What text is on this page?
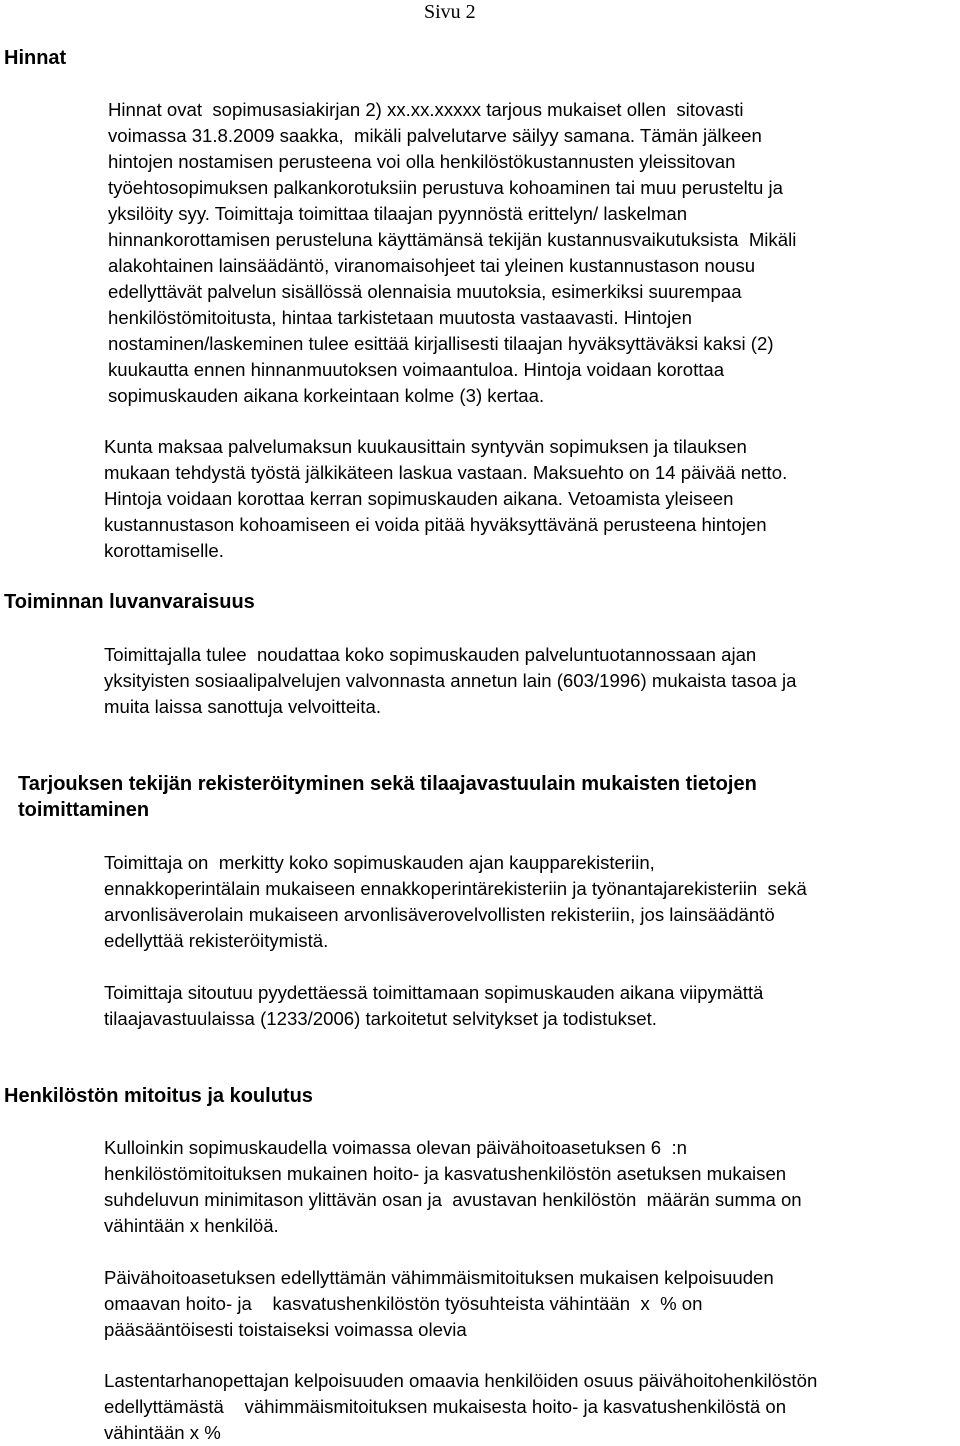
Sivu 2
Hinnat
Hinnat ovat  sopimusasiakirjan 2) xx.xx.xxxxx tarjous mukaiset ollen  sitovasti
voimassa 31.8.2009 saakka,  mikäli palvelutarve säilyy samana. Tämän jälkeen
hintojen nostamisen perusteena voi olla henkilöstökustannusten yleissitovan
työehtosopimuksen palkankorotuksiin perustuva kohoaminen tai muu perusteltu ja
yksilöity syy. Toimittaja toimittaa tilaajan pyynnöstä erittelyn/ laskelman
hinnankorottamisen perusteluna käyttämänsä tekijän kustannusvaikutuksista  Mikäli
alakohtainen lainsäädäntö, viranomaisohjeet tai yleinen kustannustason nousu
edellyttävät palvelun sisällössä olennaisia muutoksia, esimerkiksi suurempaa
henkilöstömitoitusta, hintaa tarkistetaan muutosta vastaavasti. Hintojen
nostaminen/laskeminen tulee esittää kirjallisesti tilaajan hyväksyttäväksi kaksi (2)
kuukautta ennen hinnanmuutoksen voimaantuloa. Hintoja voidaan korottaa
sopimuskauden aikana korkeintaan kolme (3) kertaa.
Kunta maksaa palvelumaksun kuukausittain syntyvän sopimuksen ja tilauksen
mukaan tehdystä työstä jälkikäteen laskua vastaan. Maksuehto on 14 päivää netto.
Hintoja voidaan korottaa kerran sopimuskauden aikana. Vetoamista yleiseen
kustannustason kohoamiseen ei voida pitää hyväksyttävänä perusteena hintojen
korottamiselle.
Toiminnan luvanvaraisuus
Toimittajalla tulee  noudattaa koko sopimuskauden palveluntuotannossaan ajan
yksityisten sosiaalipalvelujen valvonnasta annetun lain (603/1996) mukaista tasoa ja
muita laissa sanottuja velvoitteita.
Tarjouksen tekijän rekisteröityminen sekä tilaajavastuulain mukaisten tietojen
toimittaminen
Toimittaja on  merkitty koko sopimuskauden ajan kaupparekisteriin,
ennakkoperintälain mukaiseen ennakkoperintärekisteriin ja työnantajarekisteriin  sekä
arvonlisäverolain mukaiseen arvonlisäverovelvollisten rekisteriin, jos lainsäädäntö
edellyttää rekisteröitymistä.
Toimittaja sitoutuu pyydettäessä toimittamaan sopimuskauden aikana viipymättä
tilaajavastuulaissa (1233/2006) tarkoitetut selvitykset ja todistukset.
Henkilöstön mitoitus ja koulutus
Kulloinkin sopimuskaudella voimassa olevan päivähoitoasetuksen 6  :n
henkilöstömitoituksen mukainen hoito- ja kasvatushenkilöstön asetuksen mukaisen
suhdeluvun minimitason ylittävän osan ja  avustavan henkilöstön  määrän summa on
vähintään x henkilöä.
Päivähoitoasetuksen edellyttämän vähimmäismitoituksen mukaisen kelpoisuuden
omaavan hoito- ja    kasvatushenkilöstön työsuhteista vähintään  x  % on
pääsääntöisesti toistaiseksi voimassa olevia
Lastentarhanopettajan kelpoisuuden omaavia henkilöiden osuus päivähoitohenkilöstön
edellyttämästä    vähimmäismitoituksen mukaisesta hoito- ja kasvatushenkilöstä on
vähintään x %
